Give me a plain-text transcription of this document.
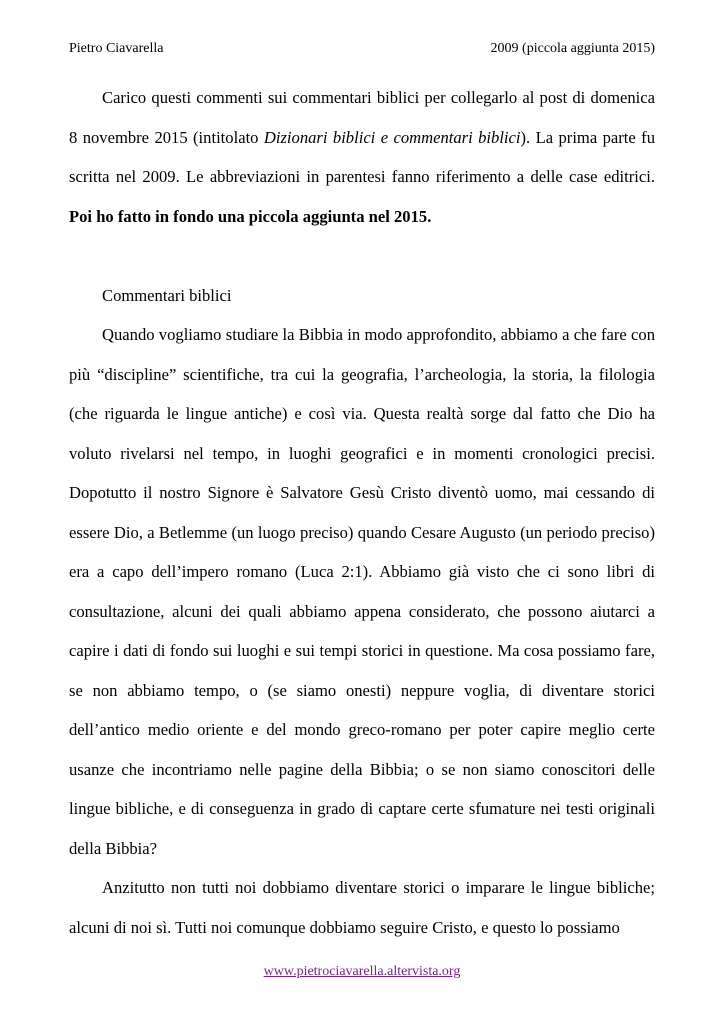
Pietro Ciavarella	2009 (piccola aggiunta 2015)

Carico questi commenti sui commentari biblici per collegarlo al post di domenica 8 novembre 2015 (intitolato Dizionari biblici e commentari biblici). La prima parte fu scritta nel 2009. Le abbreviazioni in parentesi fanno riferimento a delle case editrici. Poi ho fatto in fondo una piccola aggiunta nel 2015.

Commentari biblici

Quando vogliamo studiare la Bibbia in modo approfondito, abbiamo a che fare con più “discipline” scientifiche, tra cui la geografia, l’archeologia, la storia, la filologia (che riguarda le lingue antiche) e così via. Questa realtà sorge dal fatto che Dio ha voluto rivelarsi nel tempo, in luoghi geografici e in momenti cronologici precisi. Dopotutto il nostro Signore è Salvatore Gesù Cristo diventò uomo, mai cessando di essere Dio, a Betlemme (un luogo preciso) quando Cesare Augusto (un periodo preciso) era a capo dell’impero romano (Luca 2:1). Abbiamo già visto che ci sono libri di consultazione, alcuni dei quali abbiamo appena considerato, che possono aiutarci a capire i dati di fondo sui luoghi e sui tempi storici in questione. Ma cosa possiamo fare, se non abbiamo tempo, o (se siamo onesti) neppure voglia, di diventare storici dell’antico medio oriente e del mondo greco-romano per poter capire meglio certe usanze che incontriamo nelle pagine della Bibbia; o se non siamo conoscitori delle lingue bibliche, e di conseguenza in grado di captare certe sfumature nei testi originali della Bibbia?

Anzitutto non tutti noi dobbiamo diventare storici o imparare le lingue bibliche; alcuni di noi sì. Tutti noi comunque dobbiamo seguire Cristo, e questo lo possiamo

www.pietrociavarella.altervista.org
